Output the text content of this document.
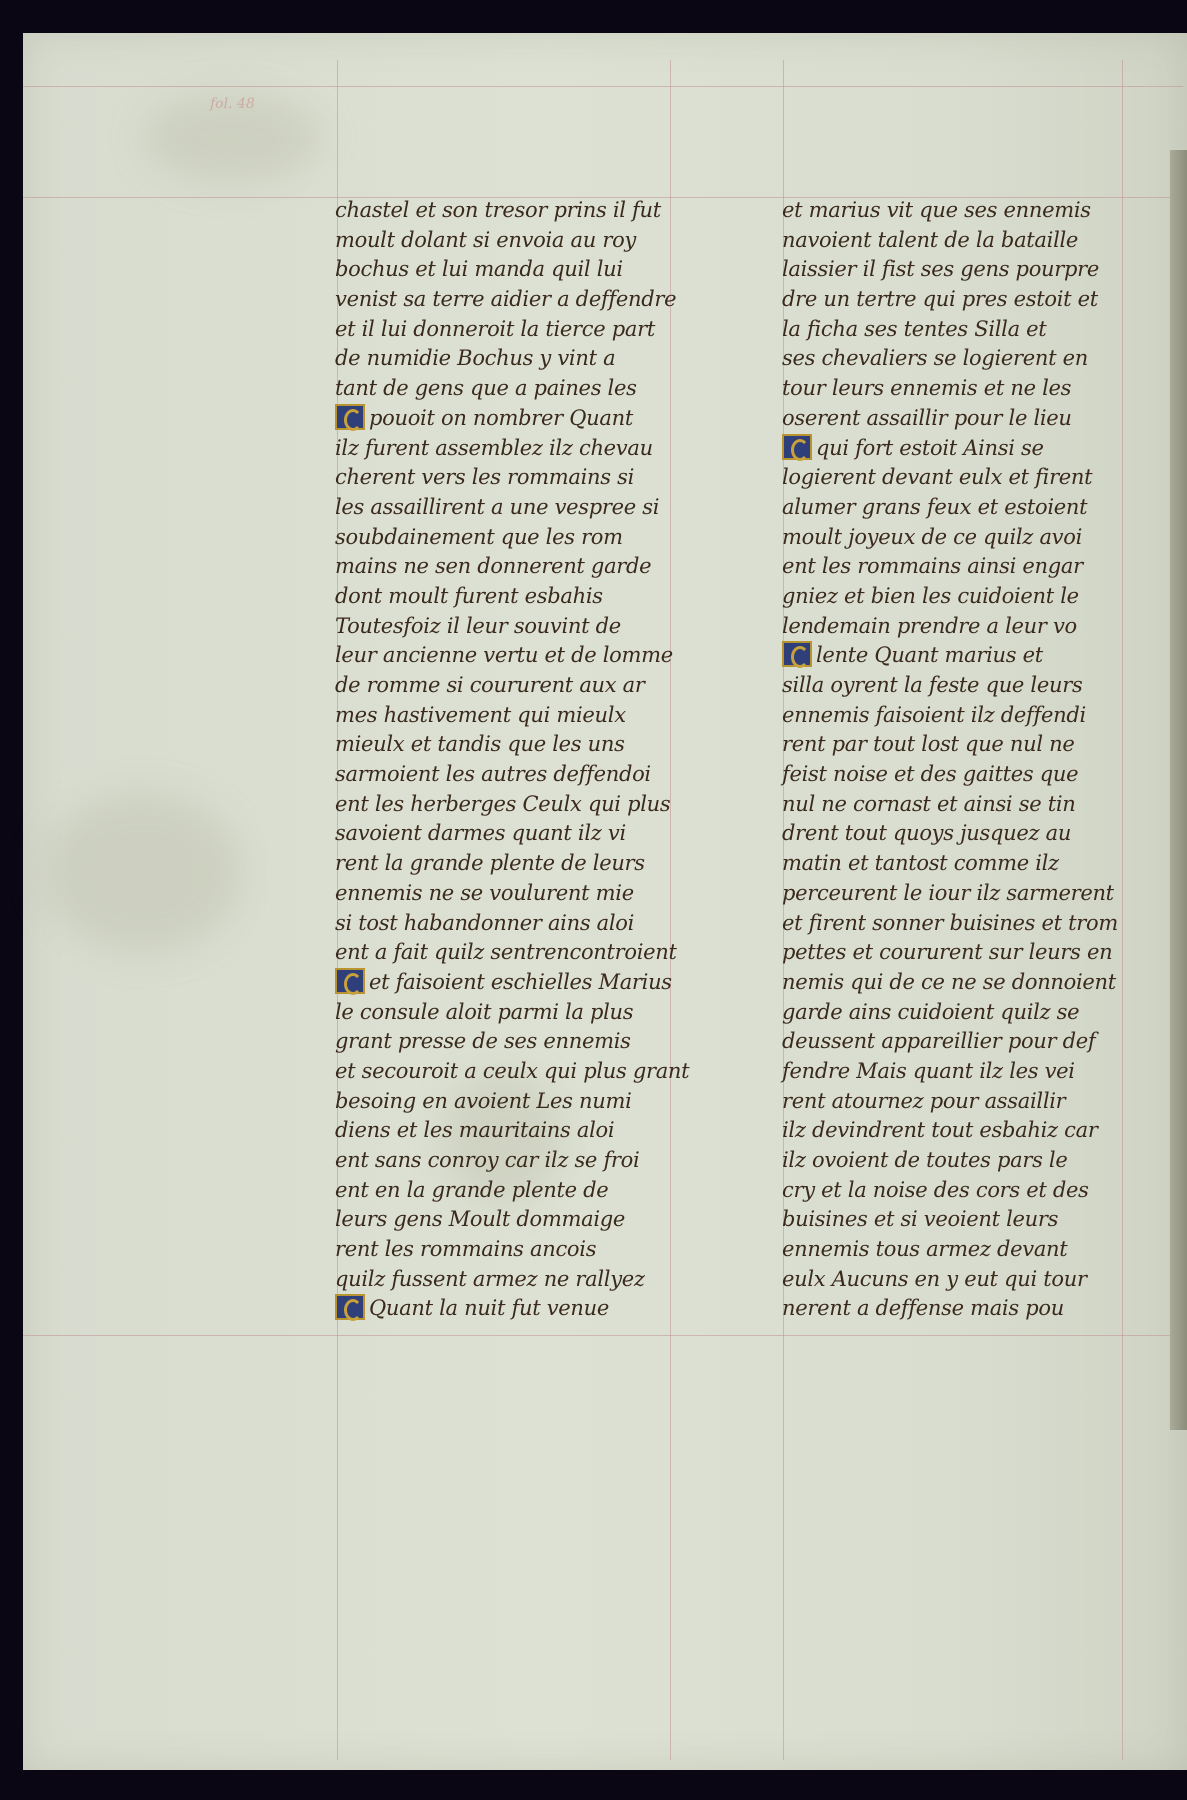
fol. 48
chastel et son tresor prins il fut
moult dolant si envoia au roy
bochus et lui manda quil lui
venist sa terre aidier a deffendre
et il lui donneroit la tierce part
de numidie Bochus y vint a
tant de gens que a paines les
pouoit on nombrer Quant
ilz furent assemblez ilz chevau
cherent vers les rommains si
les assaillirent a une vespree si
soubdainement que les rom
mains ne sen donnerent garde
dont moult furent esbahis
Toutesfoiz il leur souvint de
leur ancienne vertu et de lomme
de romme si coururent aux ar
mes hastivement qui mieulx
mieulx et tandis que les uns
sarmoient les autres deffendoi
ent les herberges Ceulx qui plus
savoient darmes quant ilz vi
rent la grande plente de leurs
ennemis ne se voulurent mie
si tost habandonner ains aloi
ent a fait quilz sentrencontroient
et faisoient eschielles Marius
le consule aloit parmi la plus
grant presse de ses ennemis
et secouroit a ceulx qui plus grant
besoing en avoient Les numi
diens et les mauritains aloi
ent sans conroy car ilz se froi
ent en la grande plente de
leurs gens Moult dommaige
rent les rommains ancois
quilz fussent armez ne rallyez
Quant la nuit fut venue
et marius vit que ses ennemis
navoient talent de la bataille
laissier il fist ses gens pourpre
dre un tertre qui pres estoit et
la ficha ses tentes Silla et
ses chevaliers se logierent en
tour leurs ennemis et ne les
oserent assaillir pour le lieu
qui fort estoit Ainsi se
logierent devant eulx et firent
alumer grans feux et estoient
moult joyeux de ce quilz avoi
ent les rommains ainsi engar
gniez et bien les cuidoient le
lendemain prendre a leur vo
lente Quant marius et
silla oyrent la feste que leurs
ennemis faisoient ilz deffendi
rent par tout lost que nul ne
feist noise et des gaittes que
nul ne cornast et ainsi se tin
drent tout quoys jusquez au
matin et tantost comme ilz
perceurent le iour ilz sarmerent
et firent sonner buisines et trom
pettes et coururent sur leurs en
nemis qui de ce ne se donnoient
garde ains cuidoient quilz se
deussent appareillier pour def
fendre Mais quant ilz les vei
rent atournez pour assaillir
ilz devindrent tout esbahiz car
ilz ovoient de toutes pars le
cry et la noise des cors et des
buisines et si veoient leurs
ennemis tous armez devant
eulx Aucuns en y eut qui tour
nerent a deffense mais pou
